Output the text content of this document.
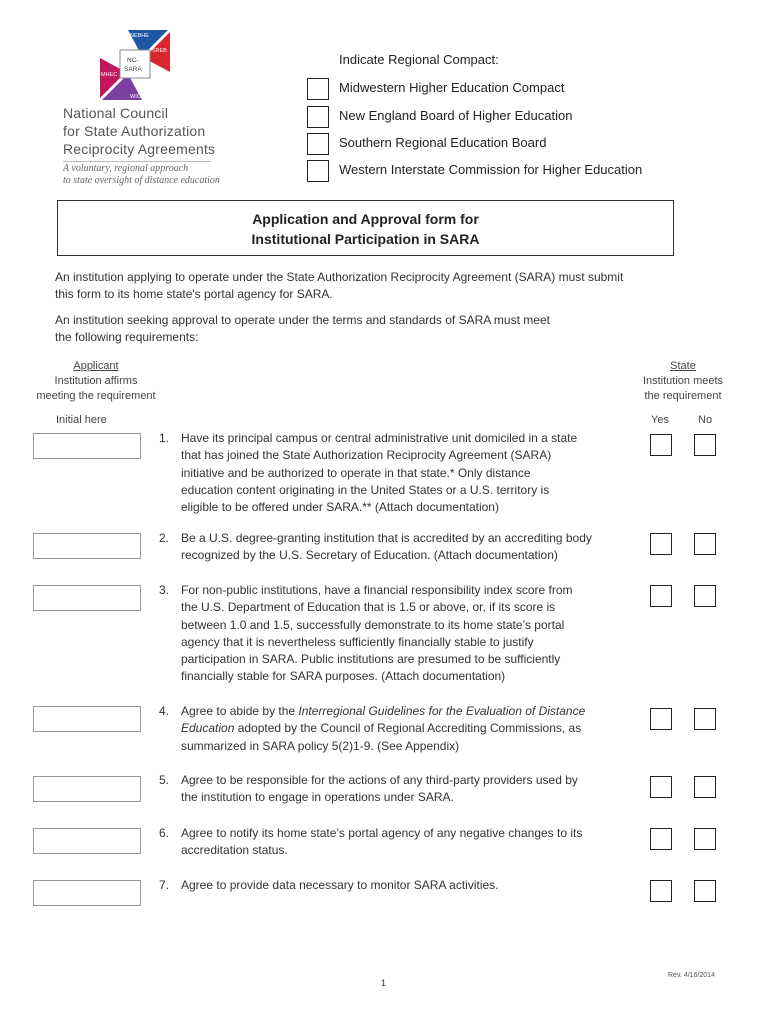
NEBHE
SREB
MHEC
WICHE
NC-
SARA
National Council
for State Authorization
Reciprocity Agreements
A voluntary, regional approach
to state oversight of distance education
Indicate Regional Compact:
Midwestern Higher Education Compact
New England Board of Higher Education
Southern Regional Education Board
Western Interstate Commission for Higher Education
Application and Approval form for
Institutional Participation in SARA
An institution applying to operate under the State Authorization Reciprocity Agreement (SARA) must submit
this form to its home state's portal agency for SARA.
An institution seeking approval to operate under the terms and standards of SARA must meet
the following requirements:
Applicant
Institution affirms
meeting the requirement
Initial here
State
Institution meets
the requirement
Yes	No
1. Have its principal campus or central administrative unit domiciled in a state
that has joined the State Authorization Reciprocity Agreement (SARA)
initiative and be authorized to operate in that state.* Only distance
education content originating in the United States or a U.S. territory is
eligible to be offered under SARA.** (Attach documentation)
2. Be a U.S. degree-granting institution that is accredited by an accrediting body
recognized by the U.S. Secretary of Education. (Attach documentation)
3. For non-public institutions, have a financial responsibility index score from
the U.S. Department of Education that is 1.5 or above, or, if its score is
between 1.0 and 1.5, successfully demonstrate to its home state’s portal
agency that it is nevertheless sufficiently financially stable to justify
participation in SARA. Public institutions are presumed to be sufficiently
financially stable for SARA purposes. (Attach documentation)
4. Agree to abide by the Interregional Guidelines for the Evaluation of Distance
Education adopted by the Council of Regional Accrediting Commissions, as
summarized in SARA policy 5(2)1-9. (See Appendix)
5. Agree to be responsible for the actions of any third-party providers used by
the institution to engage in operations under SARA.
6. Agree to notify its home state’s portal agency of any negative changes to its
accreditation status.
7. Agree to provide data necessary to monitor SARA activities.
Rev. 4/16/2014
1
